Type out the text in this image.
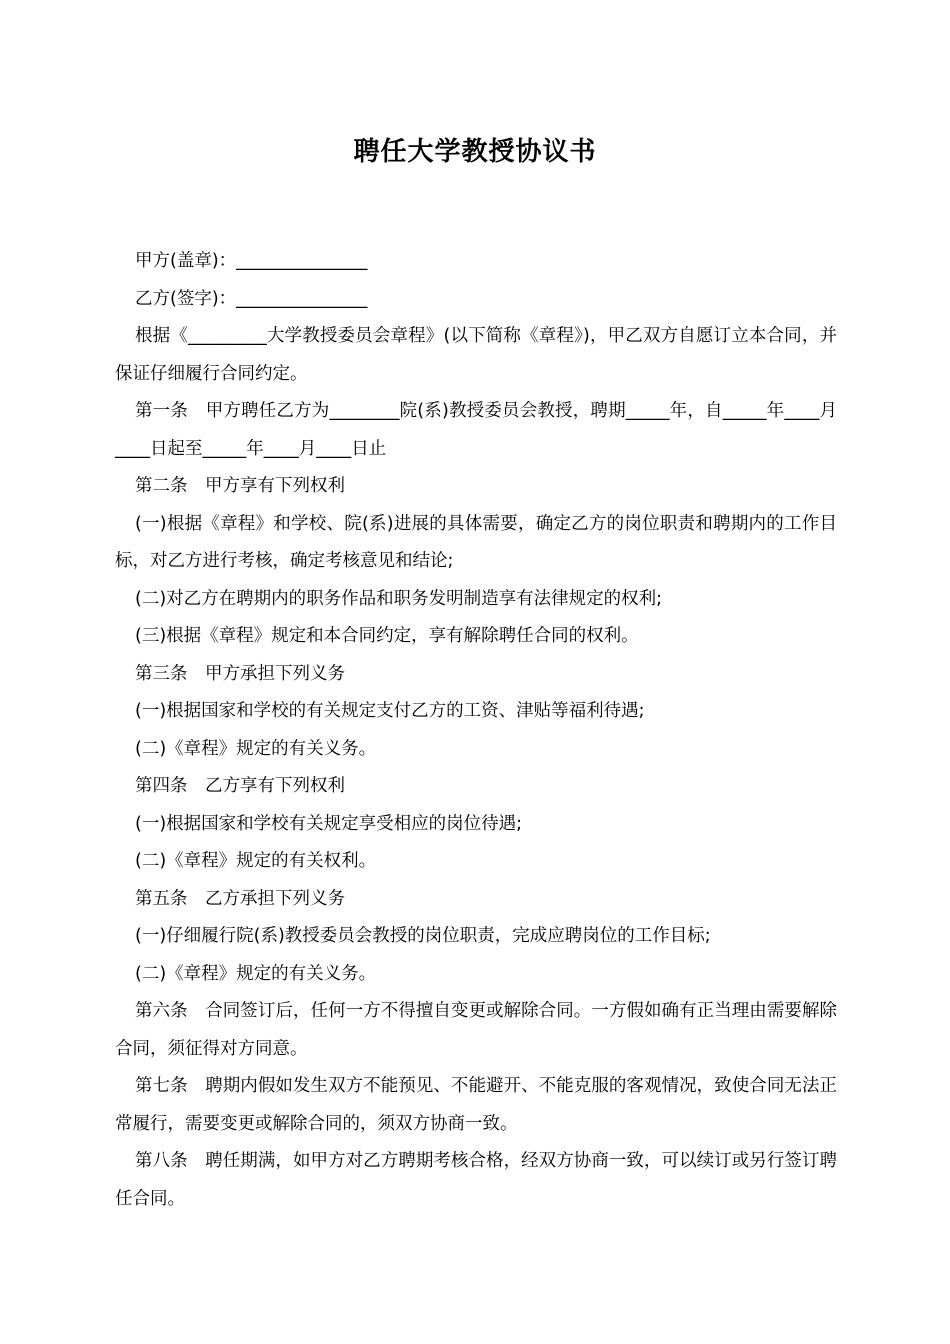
聘任大学教授协议书

甲方(盖章)：_______________

乙方(签字)：_______________

根据《_________大学教授委员会章程》(以下简称《章程》)，甲乙双方自愿订立本合同，并保证仔细履行合同约定。

第一条　甲方聘任乙方为________院(系)教授委员会教授，聘期_____年，自_____年____月____日起至_____年____月____日止

第二条　甲方享有下列权利

(一)根据《章程》和学校、院(系)进展的具体需要，确定乙方的岗位职责和聘期内的工作目标，对乙方进行考核，确定考核意见和结论;

(二)对乙方在聘期内的职务作品和职务发明制造享有法律规定的权利;

(三)根据《章程》规定和本合同约定，享有解除聘任合同的权利。

第三条　甲方承担下列义务

(一)根据国家和学校的有关规定支付乙方的工资、津贴等福利待遇;

(二)《章程》规定的有关义务。

第四条　乙方享有下列权利

(一)根据国家和学校有关规定享受相应的岗位待遇;

(二)《章程》规定的有关权利。

第五条　乙方承担下列义务

(一)仔细履行院(系)教授委员会教授的岗位职责，完成应聘岗位的工作目标;

(二)《章程》规定的有关义务。

第六条　合同签订后，任何一方不得擅自变更或解除合同。一方假如确有正当理由需要解除合同，须征得对方同意。

第七条　聘期内假如发生双方不能预见、不能避开、不能克服的客观情况，致使合同无法正常履行，需要变更或解除合同的，须双方协商一致。

第八条　聘任期满，如甲方对乙方聘期考核合格，经双方协商一致，可以续订或另行签订聘任合同。
